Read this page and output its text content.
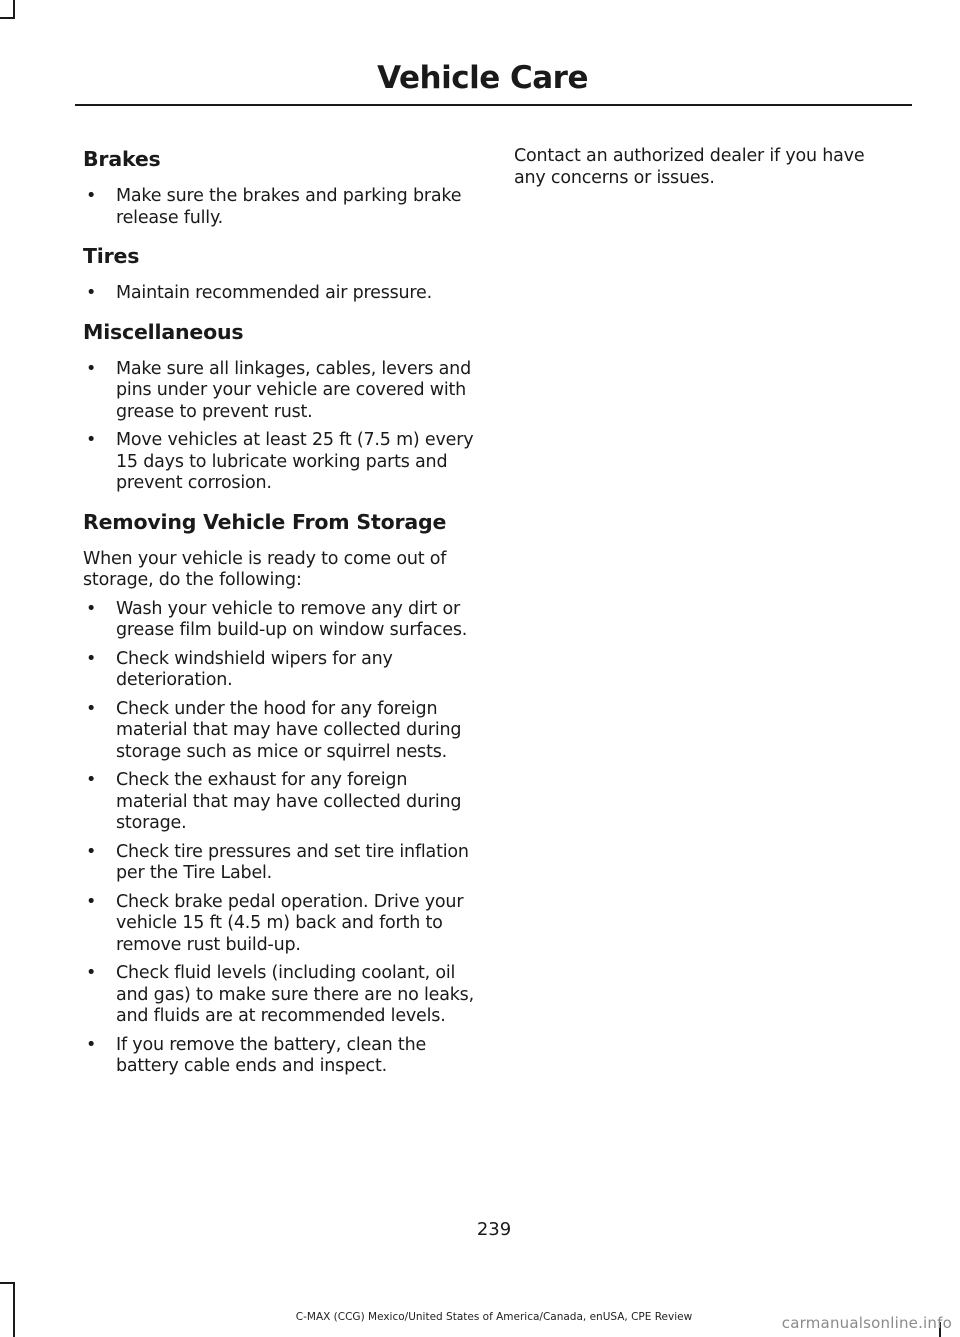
Vehicle Care
Brakes
• Make sure the brakes and parking brake release fully.
Tires
• Maintain recommended air pressure.
Miscellaneous
• Make sure all linkages, cables, levers and pins under your vehicle are covered with grease to prevent rust.
• Move vehicles at least 25 ft (7.5 m) every 15 days to lubricate working parts and prevent corrosion.
Removing Vehicle From Storage

When your vehicle is ready to come out of storage, do the following:

• Wash your vehicle to remove any dirt or grease film build-up on window surfaces.
• Check windshield wipers for any deterioration.
• Check under the hood for any foreign material that may have collected during storage such as mice or squirrel nests.
• Check the exhaust for any foreign material that may have collected during storage.
• Check tire pressures and set tire inflation per the Tire Label.
• Check brake pedal operation. Drive your vehicle 15 ft (4.5 m) back and forth to remove rust build-up.
• Check fluid levels (including coolant, oil and gas) to make sure there are no leaks, and fluids are at recommended levels.
• If you remove the battery, clean the battery cable ends and inspect.

Contact an authorized dealer if you have any concerns or issues.

239
C-MAX (CCG) Mexico/United States of America/Canada, enUSA, CPE Review	carmanualsonline.info
